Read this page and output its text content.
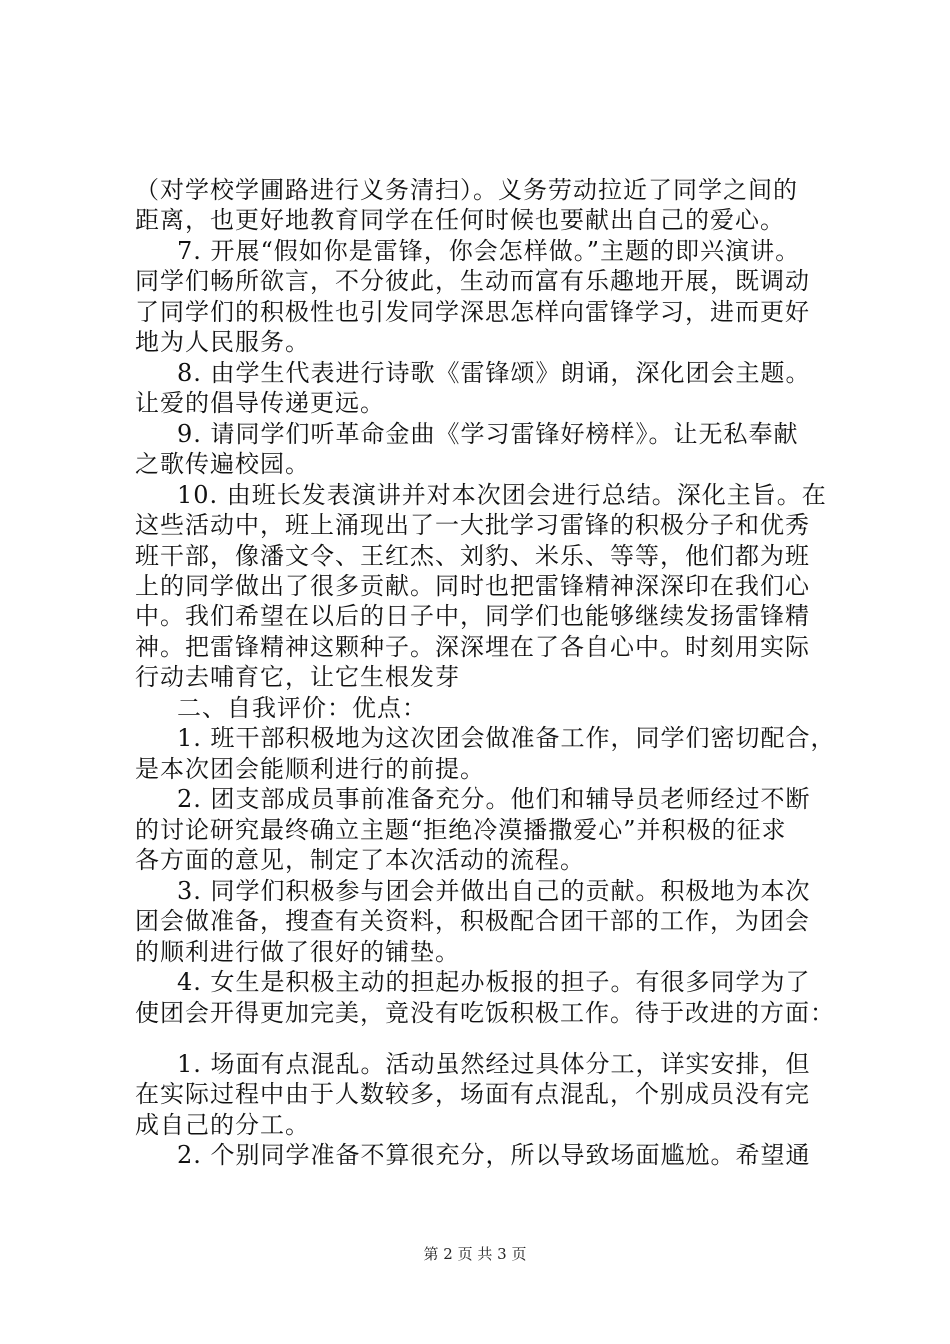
（对学校学圃路进行义务清扫）。义务劳动拉近了同学之间的
距离，也更好地教育同学在任何时候也要献出自己的爱心。
7. 开展“假如你是雷锋，你会怎样做。”主题的即兴演讲。
同学们畅所欲言，不分彼此，生动而富有乐趣地开展，既调动
了同学们的积极性也引发同学深思怎样向雷锋学习，进而更好
地为人民服务。
8. 由学生代表进行诗歌《雷锋颂》朗诵，深化团会主题。
让爱的倡导传递更远。
9. 请同学们听革命金曲《学习雷锋好榜样》。让无私奉献
之歌传遍校园。
10. 由班长发表演讲并对本次团会进行总结。深化主旨。在
这些活动中，班上涌现出了一大批学习雷锋的积极分子和优秀
班干部，像潘文令、王红杰、刘豹、米乐、等等，他们都为班
上的同学做出了很多贡献。同时也把雷锋精神深深印在我们心
中。我们希望在以后的日子中，同学们也能够继续发扬雷锋精
神。把雷锋精神这颗种子。深深埋在了各自心中。时刻用实际
行动去哺育它，让它生根发芽
二、自我评价：优点：
1. 班干部积极地为这次团会做准备工作，同学们密切配合，
是本次团会能顺利进行的前提。
2. 团支部成员事前准备充分。他们和辅导员老师经过不断
的讨论研究最终确立主题“拒绝冷漠播撒爱心”并积极的征求
各方面的意见，制定了本次活动的流程。
3. 同学们积极参与团会并做出自己的贡献。积极地为本次
团会做准备，搜查有关资料，积极配合团干部的工作，为团会
的顺利进行做了很好的铺垫。
4. 女生是积极主动的担起办板报的担子。有很多同学为了
使团会开得更加完美，竟没有吃饭积极工作。待于改进的方面：
1. 场面有点混乱。活动虽然经过具体分工，详实安排，但
在实际过程中由于人数较多，场面有点混乱，个别成员没有完
成自己的分工。
2. 个别同学准备不算很充分，所以导致场面尴尬。希望通
第 2 页 共 3 页
